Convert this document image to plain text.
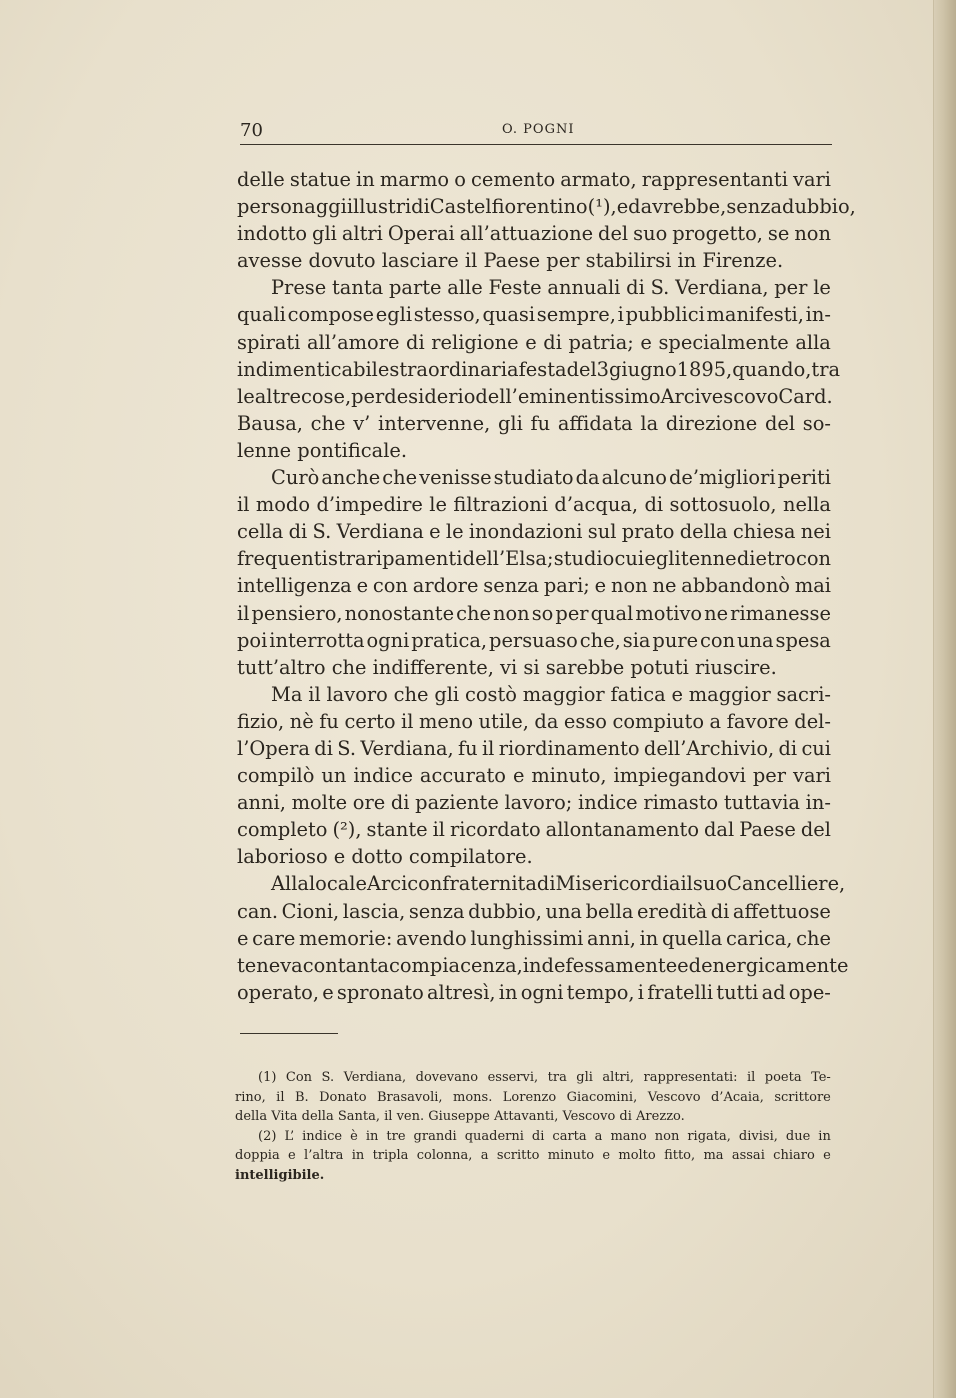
70	O. POGNI
delle statue in marmo o cemento armato, rappresentanti vari
personaggi illustri di Castelfiorentino (¹), ed avrebbe, senza dubbio,
indotto gli altri Operai all’attuazione del suo progetto, se non
avesse dovuto lasciare il Paese per stabilirsi in Firenze.
Prese tanta parte alle Feste annuali di S. Verdiana, per le
quali compose egli stesso, quasi sempre, i pubblici manifesti, in-
spirati all’amore di religione e di patria; e specialmente alla
indimenticabile straordinaria festa del 3 giugno 1895, quando, tra
le altre cose, per desiderio dell’eminentissimo Arcivescovo Card.
Bausa, che v’ intervenne, gli fu affidata la direzione del so-
lenne pontificale.
Curò anche che venisse studiato da alcuno de’migliori periti
il modo d’impedire le filtrazioni d’acqua, di sottosuolo, nella
cella di S. Verdiana e le inondazioni sul prato della chiesa nei
frequenti straripamenti dell’Elsa; studio cui egli tenne dietro con
intelligenza e con ardore senza pari; e non ne abbandonò mai
il pensiero, nonostante che non so per qual motivo ne rimanesse
poi interrotta ogni pratica, persuaso che, sia pure con una spesa
tutt’altro che indifferente, vi si sarebbe potuti riuscire.
Ma il lavoro che gli costò maggior fatica e maggior sacri-
fizio, nè fu certo il meno utile, da esso compiuto a favore del-
l’Opera di S. Verdiana, fu il riordinamento dell’Archivio, di cui
compilò un indice accurato e minuto, impiegandovi per vari
anni, molte ore di paziente lavoro; indice rimasto tuttavia in-
completo (²), stante il ricordato allontanamento dal Paese del
laborioso e dotto compilatore.
Alla locale Arciconfraternita di Misericordia il suo Cancelliere,
can. Cioni, lascia, senza dubbio, una bella eredità di affettuose
e care memorie: avendo lunghissimi anni, in quella carica, che
teneva con tanta compiacenza, indefessamente ed energicamente
operato, e spronato altresì, in ogni tempo, i fratelli tutti ad ope-
(1) Con S. Verdiana, dovevano esservi, tra gli altri, rappresentati: il poeta Te-
rino, il B. Donato Brasavoli, mons. Lorenzo Giacomini, Vescovo d’Acaia, scrittore
della Vita della Santa, il ven. Giuseppe Attavanti, Vescovo di Arezzo.
(2) L’ indice è in tre grandi quaderni di carta a mano non rigata, divisi, due in
doppia e l’altra in tripla colonna, a scritto minuto e molto fitto, ma assai chiaro e
intelligibile.
